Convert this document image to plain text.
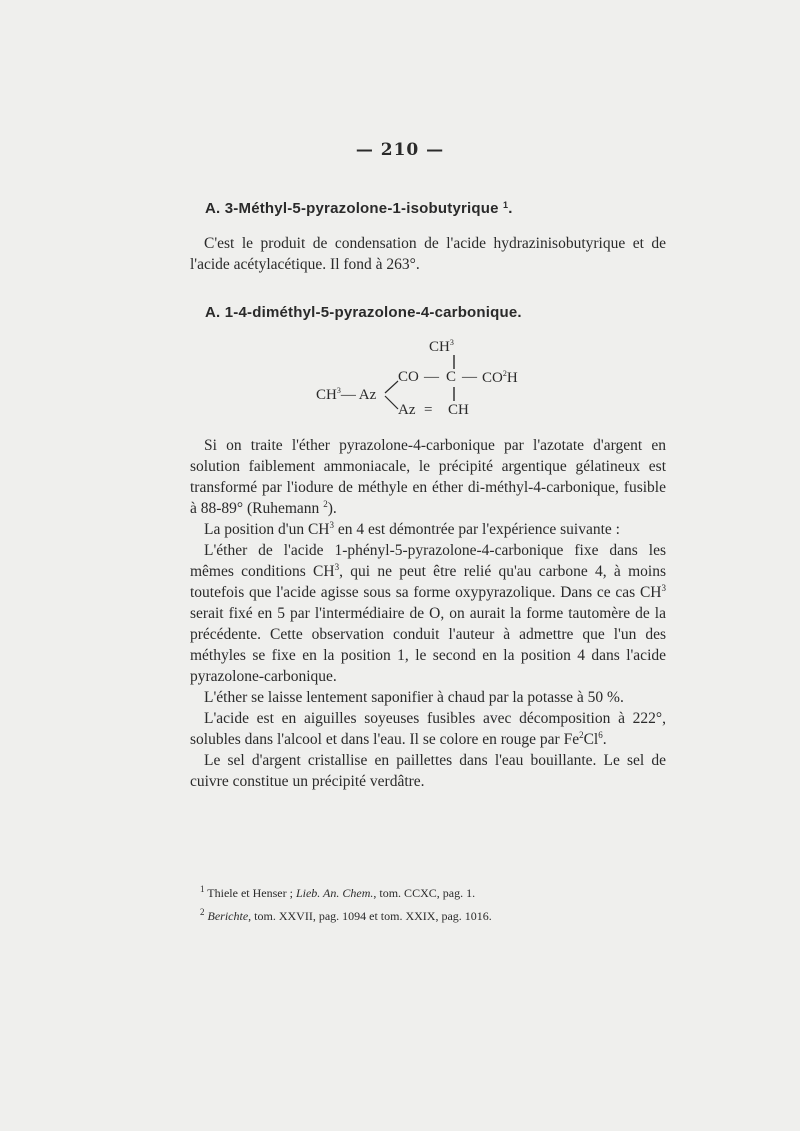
— 210 —
A. 3-Méthyl-5-pyrazolone-1-isobutyrique $^1$.

C'est le produit de condensation de l'acide hydrazinisobutyrique et de l'acide acétylacétique. Il fond à 263°.

A. 1-4-diméthyl-5-pyrazolone-4-carbonique.
$CH^3$
$CH^3—$ Az
CO — C — $CO^2H$
Az = CH

Si on traite l'éther pyrazolone-4-carbonique par l'azotate d'argent en solution faiblement ammoniacale, le précipité argentique gélatineux est transformé par l'iodure de méthyle en éther di-méthyl-4-carbonique, fusible à 88-89° (Ruhemann $^2$).

La position d'un $CH^3$ en 4 est démontrée par l'expérience suivante :

L'éther de l'acide 1-phényl-5-pyrazolone-4-carbonique fixe dans les mêmes conditions $CH^3$, qui ne peut être relié qu'au carbone 4, à moins toutefois que l'acide agisse sous sa forme oxypyrazolique. Dans ce cas $CH^3$ serait fixé en 5 par l'intermédiaire de O, on aurait la forme tautomère de la précédente. Cette observation conduit l'auteur à admettre que l'un des méthyles se fixe en la position 1, le second en la position 4 dans l'acide pyrazolone-carbonique.

L'éther se laisse lentement saponifier à chaud par la potasse à 50 %.

L'acide est en aiguilles soyeuses fusibles avec décomposition à 222°, solubles dans l'alcool et dans l'eau. Il se colore en rouge par Fe$^2$Cl$^6$.

Le sel d'argent cristallise en paillettes dans l'eau bouillante. Le sel de cuivre constitue un précipité verdâtre.

$^1$ Thiele et Henser ; Lieb. An. Chem., tom. CCXC, pag. 1.
$^2$ Berichte, tom. XXVII, pag. 1094 et tom. XXIX, pag. 1016.
